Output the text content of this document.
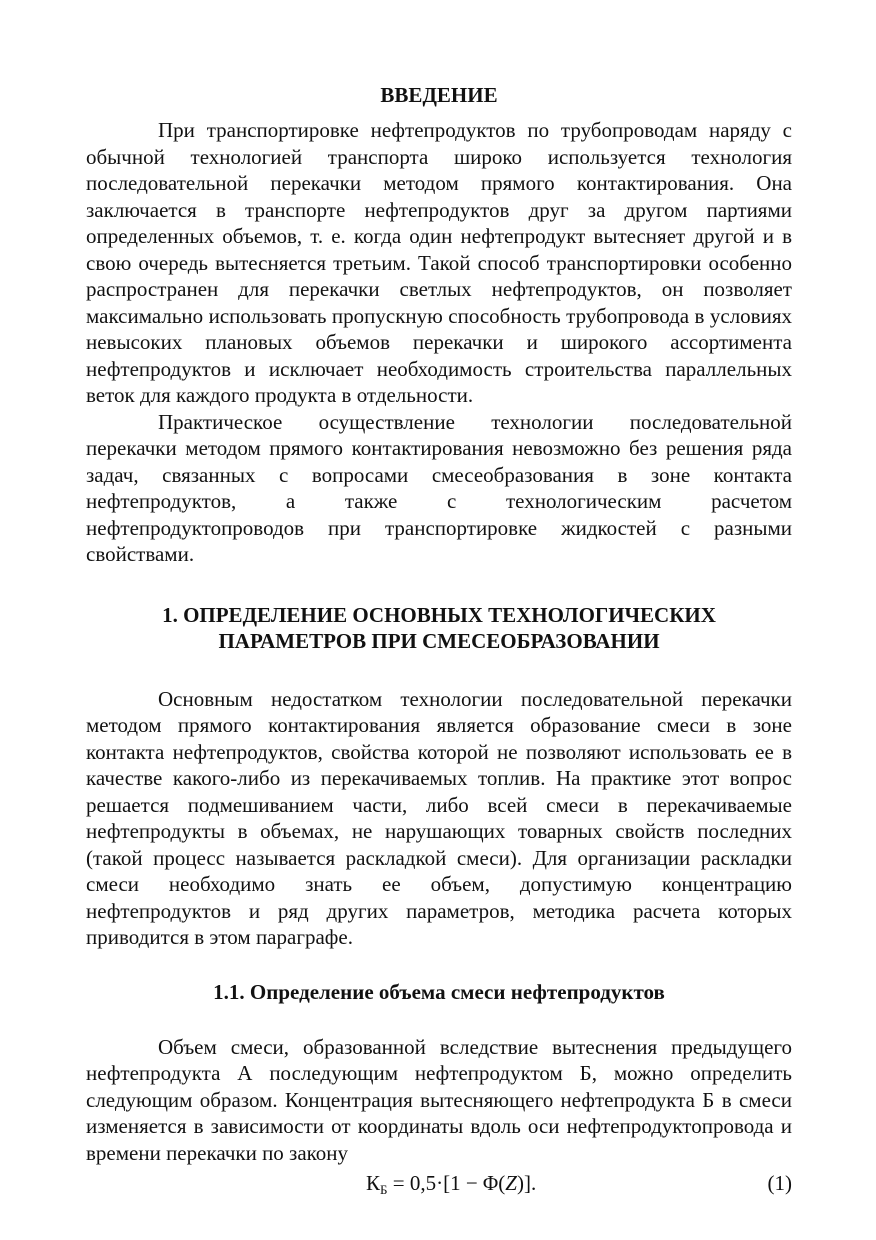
ВВЕДЕНИЕ

При транспортировке нефтепродуктов по трубопроводам наряду с обычной технологией транспорта широко используется технология последовательной перекачки методом прямого контактирования. Она заключается в транспорте нефтепродуктов друг за другом партиями определенных объемов, т. е. когда один нефтепродукт вытесняет другой и в свою очередь вытесняется третьим. Такой способ транспортировки особенно распространен для перекачки светлых нефтепродуктов, он позволяет максимально использовать пропускную способность трубопровода в условиях невысоких плановых объемов перекачки и широкого ассортимента нефтепродуктов и исключает необходимость строительства параллельных веток для каждого продукта в отдельности.

Практическое осуществление технологии последовательной перекачки методом прямого контактирования невозможно без решения ряда задач, связанных с вопросами смесеобразования в зоне контакта нефтепродуктов, а также с технологическим расчетом нефтепродуктопроводов при транспортировке жидкостей с разными свойствами.

1. ОПРЕДЕЛЕНИЕ ОСНОВНЫХ ТЕХНОЛОГИЧЕСКИХ
ПАРАМЕТРОВ ПРИ СМЕСЕОБРАЗОВАНИИ

Основным недостатком технологии последовательной перекачки методом прямого контактирования является образование смеси в зоне контакта нефтепродуктов, свойства которой не позволяют использовать ее в качестве какого-либо из перекачиваемых топлив. На практике этот вопрос решается подмешиванием части, либо всей смеси в перекачиваемые нефтепродукты в объемах, не нарушающих товарных свойств последних (такой процесс называется раскладкой смеси). Для организации раскладки смеси необходимо знать ее объем, допустимую концентрацию нефтепродуктов и ряд других параметров, методика расчета которых приводится в этом параграфе.

1.1. Определение объема смеси нефтепродуктов

Объем смеси, образованной вследствие вытеснения предыдущего нефтепродукта А последующим нефтепродуктом Б, можно определить следующим образом. Концентрация вытесняющего нефтепродукта Б в смеси изменяется в зависимости от координаты вдоль оси нефтепродуктопровода и времени перекачки по закону

$К_Б = 0,5\cdot[1 - \Phi(Z)]$.	(1)
